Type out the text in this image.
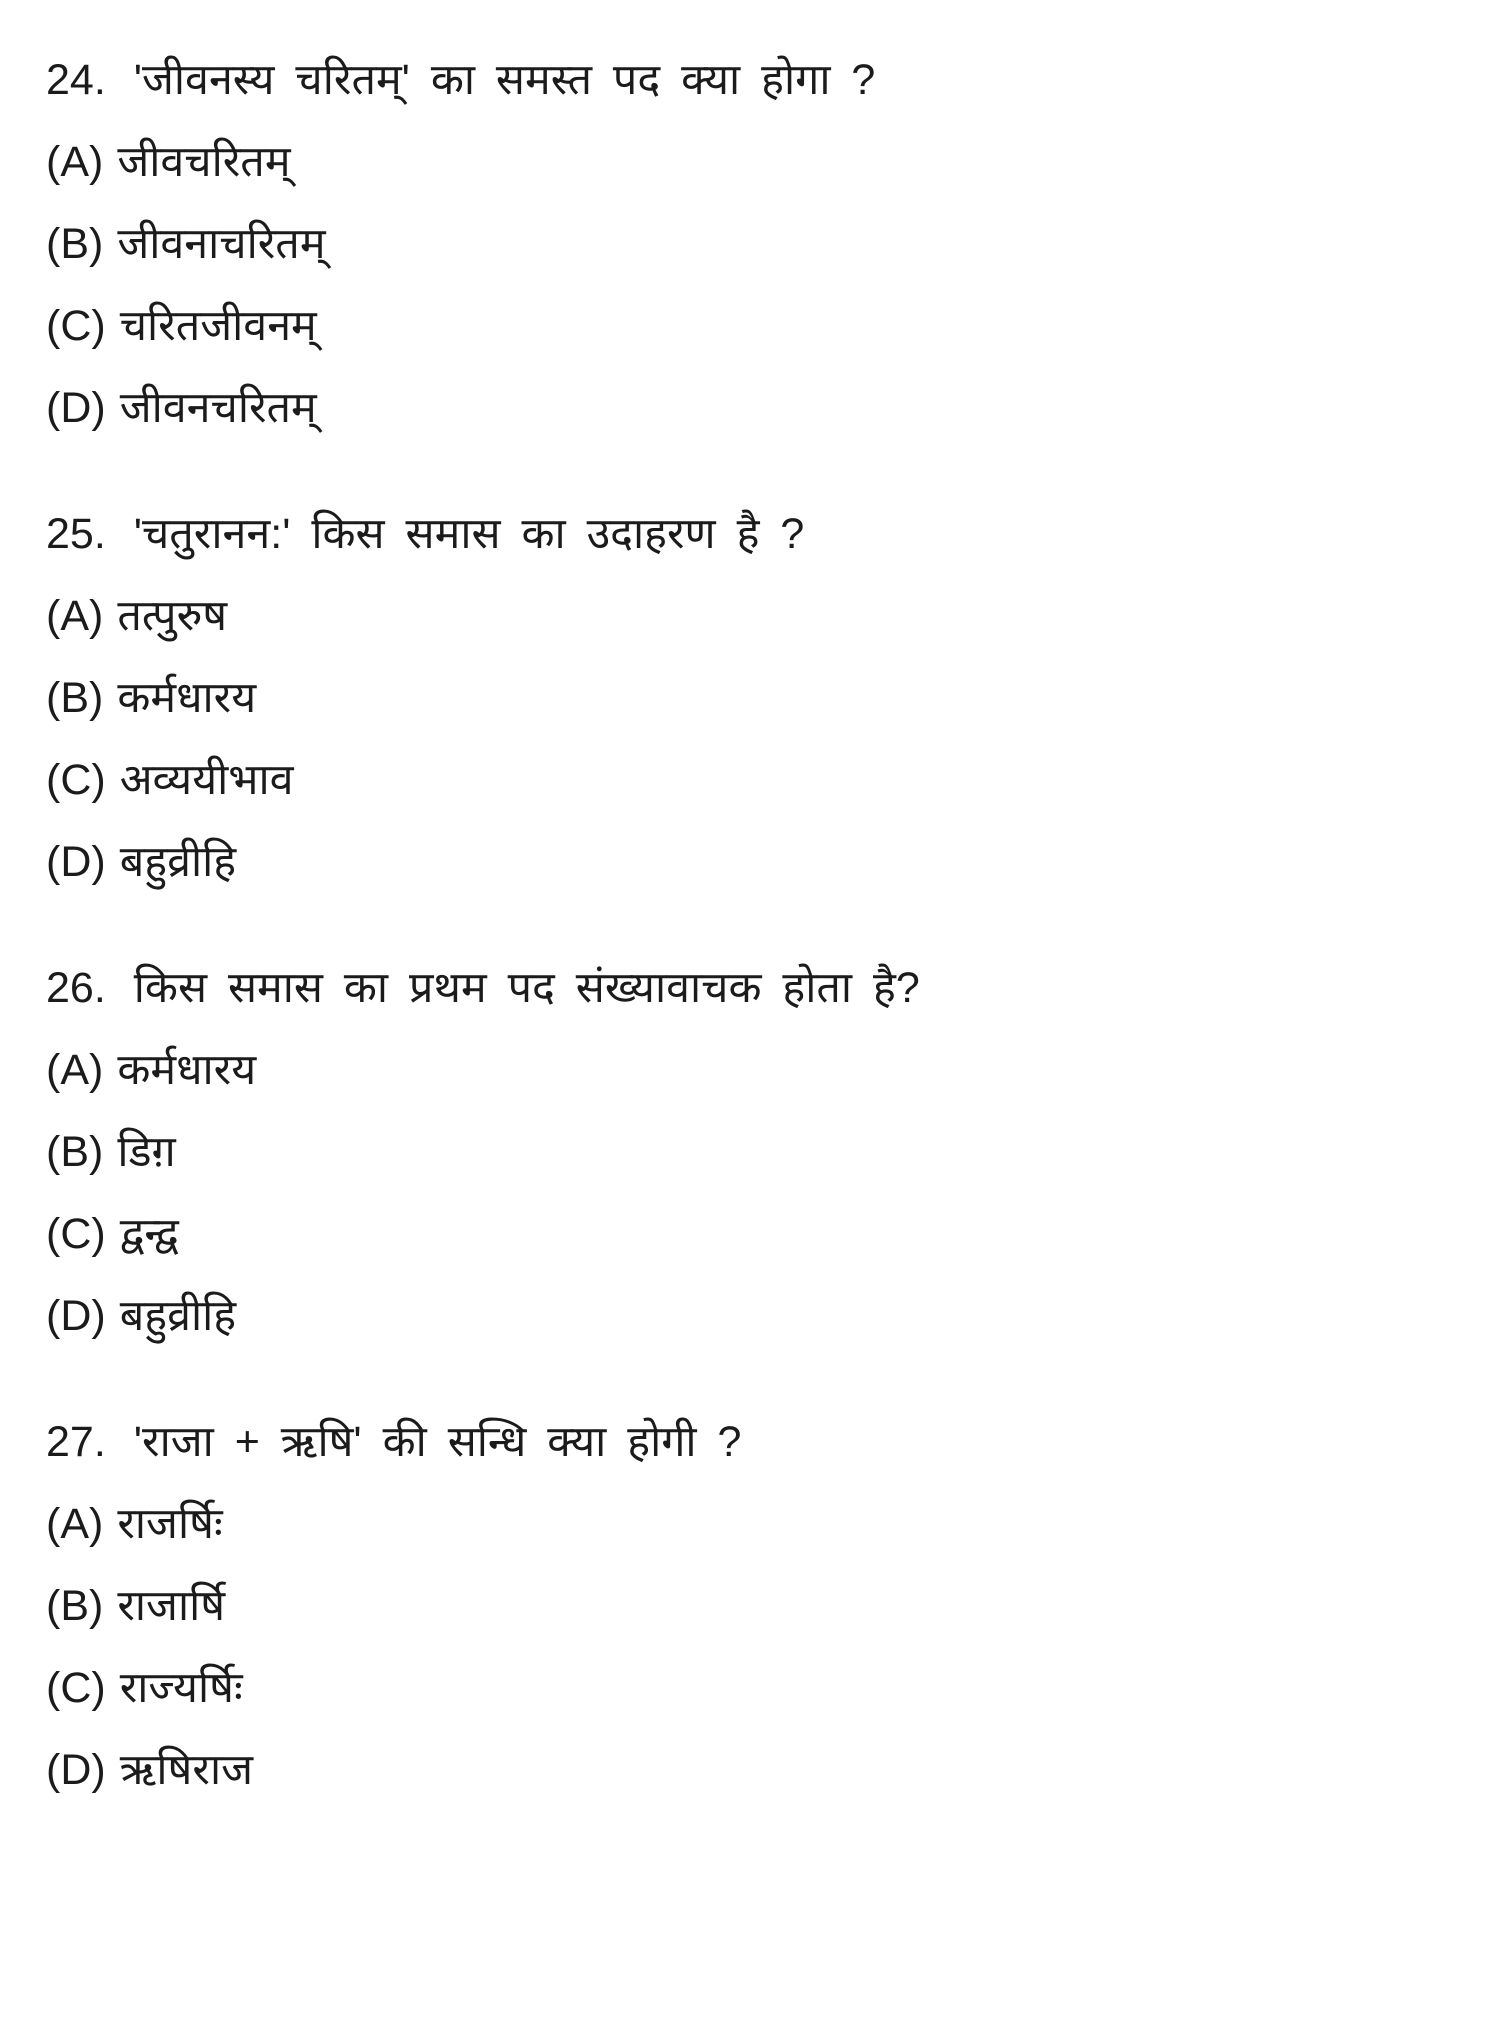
24. 'जीवनस्य चरितम्' का समस्त पद क्या होगा ?
(A) जीवचरितम्
(B) जीवनाचरितम्
(C) चरितजीवनम्
(D) जीवनचरितम्
25. 'चतुरानन:' किस समास का उदाहरण है ?
(A) तत्पुरुष
(B) कर्मधारय
(C) अव्ययीभाव
(D) बहुव्रीहि
26. किस समास का प्रथम पद संख्यावाचक होता है?
(A) कर्मधारय
(B) डिग़
(C) द्वन्द्व
(D) बहुव्रीहि
27. 'राजा + ऋषि' की सन्धि क्या होगी ?
(A) राजर्षिः
(B) राजार्षि
(C) राज्यर्षिः
(D) ऋषिराज
